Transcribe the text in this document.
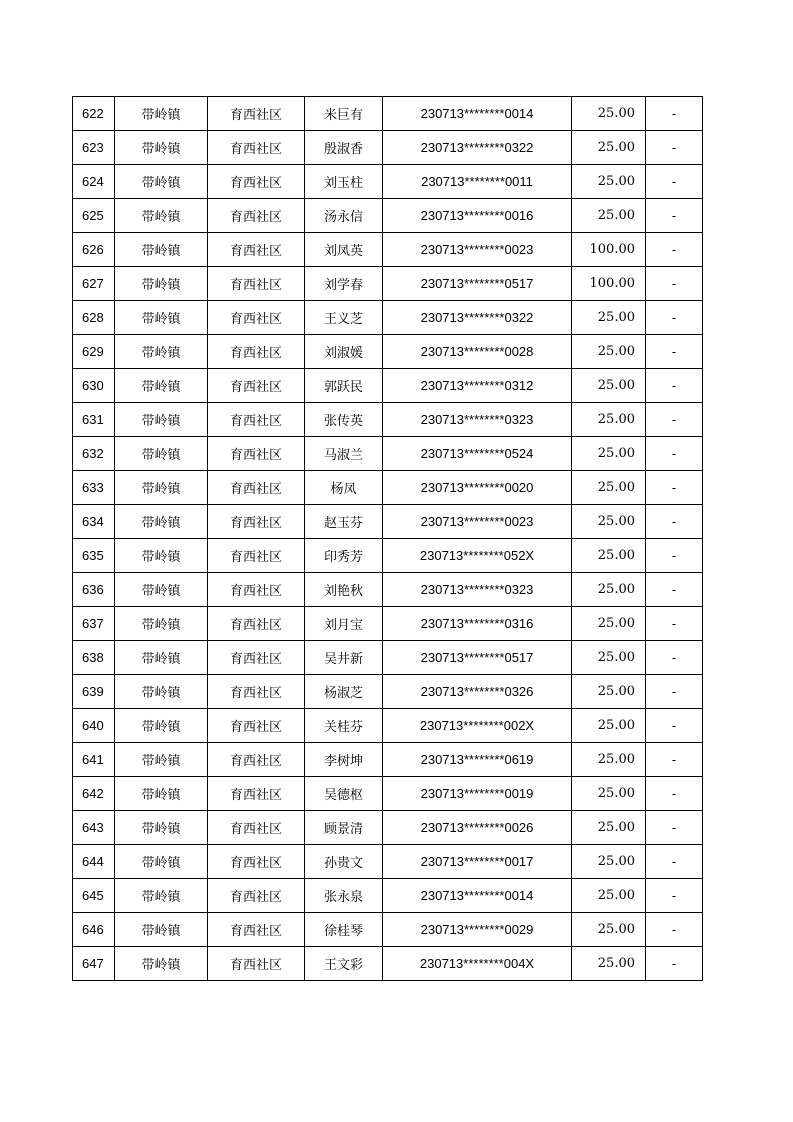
622	带岭镇	育西社区	米巨有	230713********0014	25.00	-
623	带岭镇	育西社区	殷淑香	230713********0322	25.00	-
624	带岭镇	育西社区	刘玉柱	230713********0011	25.00	-
625	带岭镇	育西社区	汤永信	230713********0016	25.00	-
626	带岭镇	育西社区	刘凤英	230713********0023	100.00	-
627	带岭镇	育西社区	刘学春	230713********0517	100.00	-
628	带岭镇	育西社区	王义芝	230713********0322	25.00	-
629	带岭镇	育西社区	刘淑媛	230713********0028	25.00	-
630	带岭镇	育西社区	郭跃民	230713********0312	25.00	-
631	带岭镇	育西社区	张传英	230713********0323	25.00	-
632	带岭镇	育西社区	马淑兰	230713********0524	25.00	-
633	带岭镇	育西社区	杨凤	230713********0020	25.00	-
634	带岭镇	育西社区	赵玉芬	230713********0023	25.00	-
635	带岭镇	育西社区	印秀芳	230713********052X	25.00	-
636	带岭镇	育西社区	刘艳秋	230713********0323	25.00	-
637	带岭镇	育西社区	刘月宝	230713********0316	25.00	-
638	带岭镇	育西社区	吴井新	230713********0517	25.00	-
639	带岭镇	育西社区	杨淑芝	230713********0326	25.00	-
640	带岭镇	育西社区	关桂芬	230713********002X	25.00	-
641	带岭镇	育西社区	李树坤	230713********0619	25.00	-
642	带岭镇	育西社区	吴德枢	230713********0019	25.00	-
643	带岭镇	育西社区	顾景清	230713********0026	25.00	-
644	带岭镇	育西社区	孙贵文	230713********0017	25.00	-
645	带岭镇	育西社区	张永泉	230713********0014	25.00	-
646	带岭镇	育西社区	徐桂琴	230713********0029	25.00	-
647	带岭镇	育西社区	王文彩	230713********004X	25.00	-
